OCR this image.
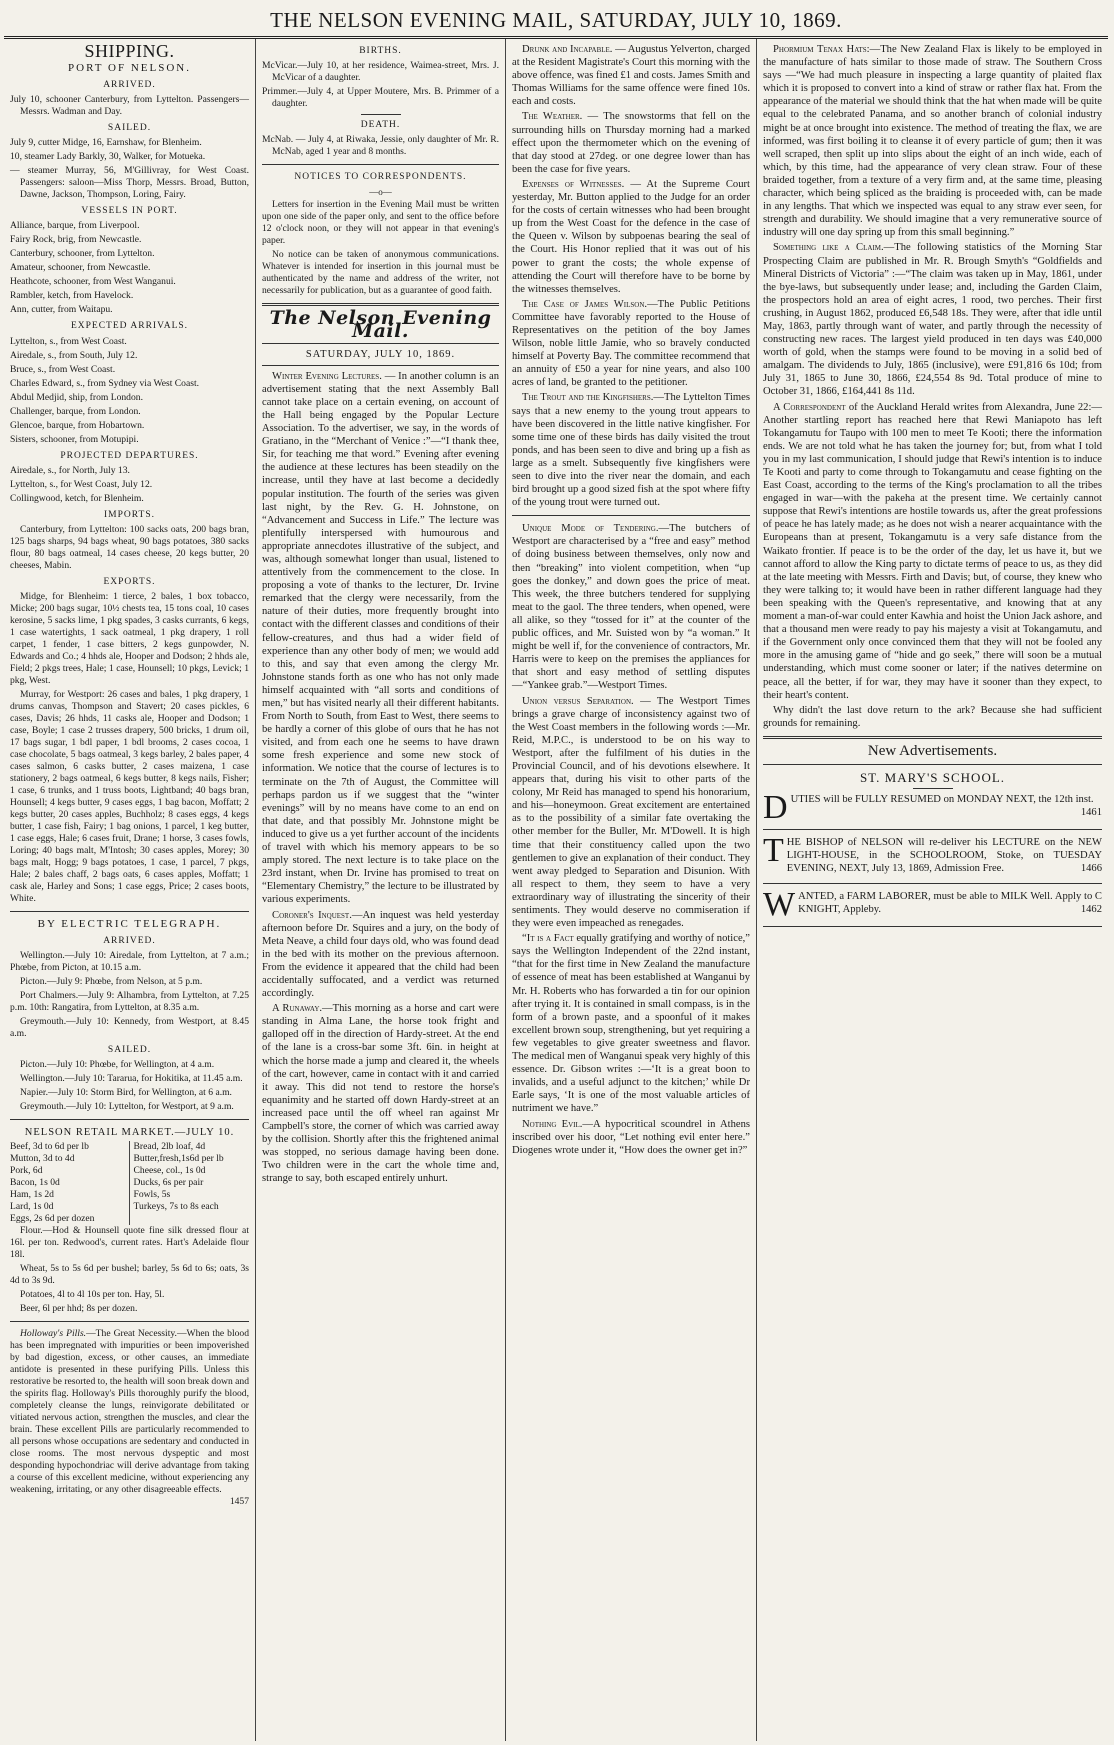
THE NELSON EVENING MAIL, SATURDAY, JULY 10, 1869.
SHIPPING.
PORT OF NELSON.
ARRIVED.

July 10, schooner Canterbury, from Lyttelton. Passengers—Messrs. Wadman and Day.

SAILED.

July 9, cutter Midge, 16, Earnshaw, for Blenheim.

10, steamer Lady Barkly, 30, Walker, for Motueka.

— steamer Murray, 56, M'Gillivray, for West Coast. Passengers: saloon—Miss Thorp, Messrs. Broad, Button, Dawne, Jackson, Thompson, Loring, Fairy.

VESSELS IN PORT.

Alliance, barque, from Liverpool.

Fairy Rock, brig, from Newcastle.

Canterbury, schooner, from Lyttelton.

Amateur, schooner, from Newcastle.

Heathcote, schooner, from West Wanganui.

Rambler, ketch, from Havelock.

Ann, cutter, from Waitapu.

EXPECTED ARRIVALS.

Lyttelton, s., from West Coast.

Airedale, s., from South, July 12.

Bruce, s., from West Coast.

Charles Edward, s., from Sydney via West Coast.

Abdul Medjid, ship, from London.

Challenger, barque, from London.

Glencoe, barque, from Hobartown.

Sisters, schooner, from Motupipi.

PROJECTED DEPARTURES.

Airedale, s., for North, July 13.

Lyttelton, s., for West Coast, July 12.

Collingwood, ketch, for Blenheim.

IMPORTS.

Canterbury, from Lyttelton: 100 sacks oats, 200 bags bran, 125 bags sharps, 94 bags wheat, 90 bags potatoes, 380 sacks flour, 80 bags oatmeal, 14 cases cheese, 20 kegs butter, 20 cheeses, Mabin.

EXPORTS.

Midge, for Blenheim: 1 tierce, 2 bales, 1 box tobacco, Micke; 200 bags sugar, 10½ chests tea, 15 tons coal, 10 cases kerosine, 5 sacks lime, 1 pkg spades, 3 casks currants, 6 kegs, 1 case watertights, 1 sack oatmeal, 1 pkg drapery, 1 roll carpet, 1 fender, 1 case bitters, 2 kegs gunpowder, N. Edwards and Co.; 4 hhds ale, Hooper and Dodson; 2 hhds ale, Field; 2 pkgs trees, Hale; 1 case, Hounsell; 10 pkgs, Levick; 1 pkg, West.

Murray, for Westport: 26 cases and bales, 1 pkg drapery, 1 drums canvas, Thompson and Stavert; 20 cases pickles, 6 cases, Davis; 26 hhds, 11 casks ale, Hooper and Dodson; 1 case, Boyle; 1 case 2 trusses drapery, 500 bricks, 1 drum oil, 17 bags sugar, 1 bdl paper, 1 bdl brooms, 2 cases cocoa, 1 case chocolate, 5 bags oatmeal, 3 kegs barley, 2 bales paper, 4 cases salmon, 6 casks butter, 2 cases maizena, 1 case stationery, 2 bags oatmeal, 6 kegs butter, 8 kegs nails, Fisher; 1 case, 6 trunks, and 1 truss boots, Lightband; 40 bags bran, Hounsell; 4 kegs butter, 9 cases eggs, 1 bag bacon, Moffatt; 2 kegs butter, 20 cases apples, Buchholz; 8 cases eggs, 4 kegs butter, 1 case fish, Fairy; 1 bag onions, 1 parcel, 1 keg butter, 1 case eggs, Hale; 6 cases fruit, Drane; 1 horse, 3 cases fowls, Loring; 40 bags malt, M'Intosh; 30 cases apples, Morey; 30 bags malt, Hogg; 9 bags potatoes, 1 case, 1 parcel, 7 pkgs, Hale; 2 bales chaff, 2 bags oats, 6 cases apples, Moffatt; 1 cask ale, Harley and Sons; 1 case eggs, Price; 2 cases boots, White.

BY ELECTRIC TELEGRAPH.
ARRIVED.

Wellington.—July 10: Airedale, from Lyttelton, at 7 a.m.; Phœbe, from Picton, at 10.15 a.m.

Picton.—July 9: Phœbe, from Nelson, at 5 p.m.

Port Chalmers.—July 9: Alhambra, from Lyttelton, at 7.25 p.m. 10th: Rangatira, from Lyttelton, at 8.35 a.m.

Greymouth.—July 10: Kennedy, from Westport, at 8.45 a.m.

SAILED.

Picton.—July 10: Phœbe, for Wellington, at 4 a.m.

Wellington.—July 10: Tararua, for Hokitika, at 11.45 a.m.

Napier.—July 10: Storm Bird, for Wellington, at 6 a.m.

Greymouth.—July 10: Lyttelton, for Westport, at 9 a.m.

NELSON RETAIL MARKET.—JULY 10.
Beef, 3d to 6d per lb	Bread, 2lb loaf, 4d
Mutton, 3d to 4d	Butter,fresh,1s6d per lb
Pork, 6d	Cheese, col., 1s 0d
Bacon, 1s 0d	Ducks, 6s per pair
Ham, 1s 2d	Fowls, 5s
Lard, 1s 0d	Turkeys, 7s to 8s each
Eggs, 2s 6d per dozen

Flour.—Hod & Hounsell quote fine silk dressed flour at 16l. per ton. Redwood's, current rates. Hart's Adelaide flour 18l.

Wheat, 5s to 5s 6d per bushel; barley, 5s 6d to 6s; oats, 3s 4d to 3s 9d.

Potatoes, 4l to 4l 10s per ton. Hay, 5l.

Beer, 6l per hhd; 8s per dozen.

Holloway's Pills.—The Great Necessity.—When the blood has been impregnated with impurities or been impoverished by bad digestion, excess, or other causes, an immediate antidote is presented in these purifying Pills. Unless this restorative be resorted to, the health will soon break down and the spirits flag. Holloway's Pills thoroughly purify the blood, completely cleanse the lungs, reinvigorate debilitated or vitiated nervous action, strengthen the muscles, and clear the brain. These excellent Pills are particularly recommended to all persons whose occupations are sedentary and conducted in close rooms. The most nervous dyspeptic and most desponding hypochondriac will derive advantage from taking a course of this excellent medicine, without experiencing any weakening, irritating, or any other disagreeable effects.
1457

BIRTHS.

McVicar.—July 10, at her residence, Waimea-street, Mrs. J. McVicar of a daughter.

Primmer.—July 4, at Upper Moutere, Mrs. B. Primmer of a daughter.

DEATH.

McNab. — July 4, at Riwaka, Jessie, only daughter of Mr. R. McNab, aged 1 year and 8 months.

NOTICES TO CORRESPONDENTS.
—o—

Letters for insertion in the Evening Mail must be written upon one side of the paper only, and sent to the office before 12 o'clock noon, or they will not appear in that evening's paper.

No notice can be taken of anonymous communications. Whatever is intended for insertion in this journal must be authenticated by the name and address of the writer, not necessarily for publication, but as a guarantee of good faith.

The Nelson Evening Mail.
SATURDAY, JULY 10, 1869.

Winter Evening Lectures. — In another column is an advertisement stating that the next Assembly Ball cannot take place on a certain evening, on account of the Hall being engaged by the Popular Lecture Association. To the advertiser, we say, in the words of Gratiano, in the “Merchant of Venice :”—“I thank thee, Sir, for teaching me that word.” Evening after evening the audience at these lectures has been steadily on the increase, until they have at last become a decidedly popular institution. The fourth of the series was given last night, by the Rev. G. H. Johnstone, on “Advancement and Success in Life.” The lecture was plentifully interspersed with humourous and appropriate annecdotes illustrative of the subject, and was, although somewhat longer than usual, listened to attentively from the commencement to the close. In proposing a vote of thanks to the lecturer, Dr. Irvine remarked that the clergy were necessarily, from the nature of their duties, more frequently brought into contact with the different classes and conditions of their fellow-creatures, and thus had a wider field of experience than any other body of men; we would add to this, and say that even among the clergy Mr. Johnstone stands forth as one who has not only made himself acquainted with “all sorts and conditions of men,” but has visited nearly all their different habitants. From North to South, from East to West, there seems to be hardly a corner of this globe of ours that he has not visited, and from each one he seems to have drawn some fresh experience and some new stock of information. We notice that the course of lectures is to terminate on the 7th of August, the Committee will perhaps pardon us if we suggest that the “winter evenings” will by no means have come to an end on that date, and that possibly Mr. Johnstone might be induced to give us a yet further account of the incidents of travel with which his memory appears to be so amply stored. The next lecture is to take place on the 23rd instant, when Dr. Irvine has promised to treat on “Elementary Chemistry,” the lecture to be illustrated by various experiments.

Coroner's Inquest.—An inquest was held yesterday afternoon before Dr. Squires and a jury, on the body of Meta Neave, a child four days old, who was found dead in the bed with its mother on the previous afternoon. From the evidence it appeared that the child had been accidentally suffocated, and a verdict was returned accordingly.

A Runaway.—This morning as a horse and cart were standing in Alma Lane, the horse took fright and galloped off in the direction of Hardy-street. At the end of the lane is a cross-bar some 3ft. 6in. in height at which the horse made a jump and cleared it, the wheels of the cart, however, came in contact with it and carried it away. This did not tend to restore the horse's equanimity and he started off down Hardy-street at an increased pace until the off wheel ran against Mr Campbell's store, the corner of which was carried away by the collision. Shortly after this the frightened animal was stopped, no serious damage having been done. Two children were in the cart the whole time and, strange to say, both escaped entirely unhurt.

Drunk and Incapable. — Augustus Yelverton, charged at the Resident Magistrate's Court this morning with the above offence, was fined £1 and costs. James Smith and Thomas Williams for the same offence were fined 10s. each and costs.

The Weather. — The snowstorms that fell on the surrounding hills on Thursday morning had a marked effect upon the thermometer which on the evening of that day stood at 27deg. or one degree lower than has been the case for five years.

Expenses of Witnesses. — At the Supreme Court yesterday, Mr. Button applied to the Judge for an order for the costs of certain witnesses who had been brought up from the West Coast for the defence in the case of the Queen v. Wilson by subpoenas bearing the seal of the Court. His Honor replied that it was out of his power to grant the costs; the whole expense of attending the Court will therefore have to be borne by the witnesses themselves.

The Case of James Wilson.—The Public Petitions Committee have favorably reported to the House of Representatives on the petition of the boy James Wilson, noble little Jamie, who so bravely conducted himself at Poverty Bay. The committee recommend that an annuity of £50 a year for nine years, and also 100 acres of land, be granted to the petitioner.

The Trout and the Kingfishers.—The Lyttelton Times says that a new enemy to the young trout appears to have been discovered in the little native kingfisher. For some time one of these birds has daily visited the trout ponds, and has been seen to dive and bring up a fish as large as a smelt. Subsequently five kingfishers were seen to dive into the river near the domain, and each bird brought up a good sized fish at the spot where fifty of the young trout were turned out.

Unique Mode of Tendering.—The butchers of Westport are characterised by a “free and easy” method of doing business between themselves, only now and then “breaking” into violent competition, when “up goes the donkey,” and down goes the price of meat. This week, the three butchers tendered for supplying meat to the gaol. The three tenders, when opened, were all alike, so they “tossed for it” at the counter of the public offices, and Mr. Suisted won by “a woman.” It might be well if, for the convenience of contractors, Mr. Harris were to keep on the premises the appliances for that short and easy method of settling disputes—“Yankee grab.”—Westport Times.

Union versus Separation. — The Westport Times brings a grave charge of inconsistency against two of the West Coast members in the following words :—Mr. Reid, M.P.C., is understood to be on his way to Westport, after the fulfilment of his duties in the Provincial Council, and of his devotions elsewhere. It appears that, during his visit to other parts of the colony, Mr Reid has managed to spend his honorarium, and his—honeymoon. Great excitement are entertained as to the possibility of a similar fate overtaking the other member for the Buller, Mr. M'Dowell. It is high time that their constituency called upon the two gentlemen to give an explanation of their conduct. They went away pledged to Separation and Disunion. With all respect to them, they seem to have a very extraordinary way of illustrating the sincerity of their sentiments. They would deserve no commiseration if they were even impeached as renegades.

“It is a Fact equally gratifying and worthy of notice,” says the Wellington Independent of the 22nd instant, “that for the first time in New Zealand the manufacture of essence of meat has been established at Wanganui by Mr. H. Roberts who has forwarded a tin for our opinion after trying it. It is contained in small compass, is in the form of a brown paste, and a spoonful of it makes excellent brown soup, strengthening, but yet requiring a few vegetables to give greater sweetness and flavor. The medical men of Wanganui speak very highly of this essence. Dr. Gibson writes :—‘It is a great boon to invalids, and a useful adjunct to the kitchen;’ while Dr Earle says, ‘It is one of the most valuable articles of nutriment we have.”

Nothing Evil.—A hypocritical scoundrel in Athens inscribed over his door, “Let nothing evil enter here.” Diogenes wrote under it, “How does the owner get in?”

Phormium Tenax Hats:—The New Zealand Flax is likely to be employed in the manufacture of hats similar to those made of straw. The Southern Cross says —“We had much pleasure in inspecting a large quantity of plaited flax which it is proposed to convert into a kind of straw or rather flax hat. From the appearance of the material we should think that the hat when made will be quite equal to the celebrated Panama, and so another branch of colonial industry might be at once brought into existence. The method of treating the flax, we are informed, was first boiling it to cleanse it of every particle of gum; then it was well scraped, then split up into slips about the eight of an inch wide, each of which, by this time, had the appearance of very clean straw. Four of these braided together, from a texture of a very firm and, at the same time, pleasing character, which being spliced as the braiding is proceeded with, can be made in any lengths. That which we inspected was equal to any straw ever seen, for strength and durability. We should imagine that a very remunerative source of industry will one day spring up from this small beginning.”

Something like a Claim.—The following statistics of the Morning Star Prospecting Claim are published in Mr. R. Brough Smyth's “Goldfields and Mineral Districts of Victoria” :—“The claim was taken up in May, 1861, under the bye-laws, but subsequently under lease; and, including the Garden Claim, the prospectors hold an area of eight acres, 1 rood, two perches. Their first crushing, in August 1862, produced £6,548 18s. They were, after that idle until May, 1863, partly through want of water, and partly through the necessity of constructing new races. The largest yield produced in ten days was £40,000 worth of gold, when the stamps were found to be moving in a solid bed of amalgam. The dividends to July, 1865 (inclusive), were £91,816 6s 10d; from July 31, 1865 to June 30, 1866, £24,554 8s 9d. Total produce of mine to October 31, 1866, £164,441 8s 11d.

A Correspondent of the Auckland Herald writes from Alexandra, June 22:—Another startling report has reached here that Rewi Maniapoto has left Tokangamutu for Taupo with 100 men to meet Te Kooti; there the information ends. We are not told what he has taken the journey for; but, from what I told you in my last communication, I should judge that Rewi's intention is to induce Te Kooti and party to come through to Tokangamutu and cease fighting on the East Coast, according to the terms of the King's proclamation to all the tribes engaged in war—with the pakeha at the present time. We certainly cannot suppose that Rewi's intentions are hostile towards us, after the great professions of peace he has lately made; as he does not wish a nearer acquaintance with the Europeans than at present, Tokangamutu is a very safe distance from the Waikato frontier. If peace is to be the order of the day, let us have it, but we cannot afford to allow the King party to dictate terms of peace to us, as they did at the late meeting with Messrs. Firth and Davis; but, of course, they knew who they were talking to; it would have been in rather different language had they been speaking with the Queen's representative, and knowing that at any moment a man-of-war could enter Kawhia and hoist the Union Jack ashore, and that a thousand men were ready to pay his majesty a visit at Tokangamutu, and if the Government only once convinced them that they will not be fooled any more in the amusing game of “hide and go seek,” there will soon be a mutual understanding, which must come sooner or later; if the natives determine on peace, all the better, if for war, they may have it sooner than they expect, to their heart's content.

Why didn't the last dove return to the ark? Because she had sufficient grounds for remaining.

New Advertisements.
ST. MARY'S SCHOOL.
D UTIES will be FULLY RESUMED on MONDAY NEXT, the 12th inst.
1461

T HE BISHOP of NELSON will re-deliver his LECTURE on the NEW LIGHT-HOUSE, in the SCHOOLROOM, Stoke, on TUESDAY EVENING, NEXT, July 13, 1869, Admission Free.	1466

W ANTED, a FARM LABORER, must be able to MILK Well. Apply to C KNIGHT, Appleby.	1462
